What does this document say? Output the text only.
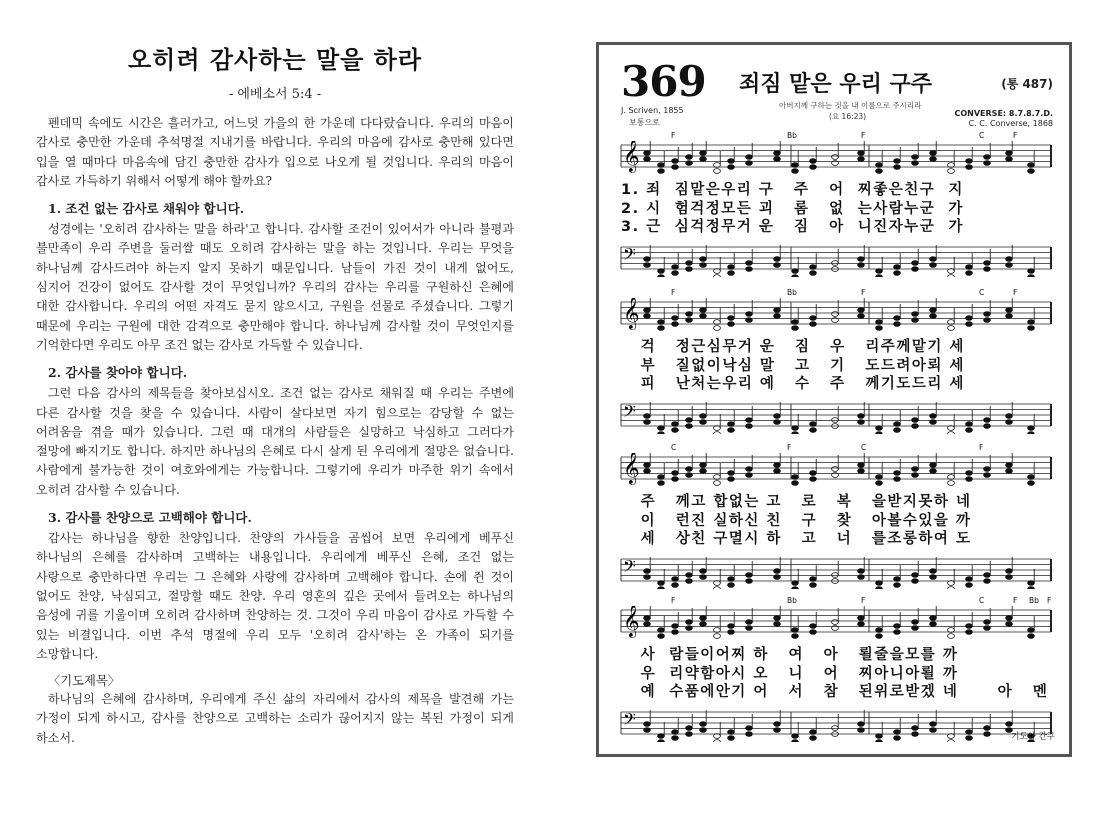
오히려 감사하는 말을 하라
- 에베소서 5:4 -

펜데믹 속에도 시간은 흘러가고, 어느덧 가을의 한 가운데 다다랐습니다. 우리의 마음이 감사로 충만한 가운데 추석명절 지내기를 바랍니다. 우리의 마음에 감사로 충만해 있다면 입을 열 때마다 마음속에 담긴 충만한 감사가 입으로 나오게 될 것입니다. 우리의 마음이 감사로 가득하기 위해서 어떻게 해야 할까요?

1. 조건 없는 감사로 채워야 합니다.

성경에는 '오히려 감사하는 말을 하라'고 합니다. 감사할 조건이 있어서가 아니라 불평과 불만족이 우리 주변을 둘러쌀 때도 오히려 감사하는 말을 하는 것입니다. 우리는 무엇을 하나님께 감사드려야 하는지 알지 못하기 때문입니다. 남들이 가진 것이 내게 없어도, 심지어 건강이 없어도 감사할 것이 무엇입니까? 우리의 감사는 우리를 구원하신 은혜에 대한 감사합니다. 우리의 어떤 자격도 묻지 않으시고, 구원을 선물로 주셨습니다. 그렇기 때문에 우리는 구원에 대한 감격으로 충만해야 합니다. 하나님께 감사할 것이 무엇인지를 기억한다면 우리도 아무 조건 없는 감사로 가득할 수 있습니다.

2. 감사를 찾아야 합니다.

그런 다음 감사의 제목들을 찾아보십시오. 조건 없는 감사로 채워질 때 우리는 주변에 다른 감사할 것을 찾을 수 있습니다. 사람이 살다보면 자기 힘으로는 감당할 수 없는 어려움을 겪을 때가 있습니다. 그런 때 대개의 사람들은 실망하고 낙심하고 그러다가 절망에 빠지기도 합니다. 하지만 하나님의 은혜로 다시 살게 된 우리에게 절망은 없습니다. 사람에게 불가능한 것이 여호와에게는 가능합니다. 그렇기에 우리가 마주한 위기 속에서 오히려 감사할 수 있습니다.

3. 감사를 찬양으로 고백해야 합니다.

감사는 하나님을 향한 찬양입니다. 찬양의 가사들을 곰씹어 보면 우리에게 베푸신 하나님의 은혜를 감사하며 고백하는 내용입니다. 우리에게 베푸신 은혜, 조건 없는 사랑으로 충만하다면 우리는 그 은혜와 사랑에 감사하며 고백해야 합니다. 손에 쥔 것이 없어도 찬양, 낙심되고, 절망할 때도 찬양. 우리 영혼의 깊은 곳에서 들려오는 하나님의 음성에 귀를 기울이며 오히려 감사하며 찬양하는 것. 그것이 우리 마음이 감사로 가득할 수 있는 비결입니다. 이번 추석 명절에 우리 모두 '오히려 감사'하는 온 가족이 되기를 소망합니다.

〈기도제목〉

하나님의 은혜에 감사하며, 우리에게 주신 삶의 자리에서 감사의 제목을 발견해 가는 가정이 되게 하시고, 감사를 찬양으로 고백하는 소리가 끊어지지 않는 복된 가정이 되게 하소서.

369 죄짐 맡은 우리 구주	(통 487)
아버지께 구하는 것을 내 이름으로 주시리라
(요 16:23)
J. Scriven, 1855
보통으로
CONVERSE: 8.7.8.7.D.
C. C. Converse, 1868
𝄞
F	Bb	F	C	F
1. 죄  짐맡은우리 구   주   어  찌좋은친구  지
2. 시  험걱정모든 괴   롬   없  는사람누군  가
3. 근  심걱정무거 운   짐   아  니진자누군  가
𝄢
𝄞
F	Bb	F	C	F
걱   정근심무거 운   짐   우   리주께맡기 세
부   질없이낙심 말   고   기   도드려아뢰 세
피   난처는우리 예   수   주   께기도드리 세
𝄢
𝄞
C	F	C	F
주   께고 합없는 고   로   복   을받지못하 네
이   런진 실하신 친   구   찾   아볼수있을 까
세   상친 구멸시 하   고   너   를조롱하여 도
𝄢
𝄞
F	Bb	F	C	F Bb F
사  람들이어찌 하   여   아   뢸줄을모를 까
우  리약함아시 오   니   어   찌아니아뢸 까
예  수품에안기 어   서   참   된위로받겠 네      아   멘
𝄢
기도와 간구
